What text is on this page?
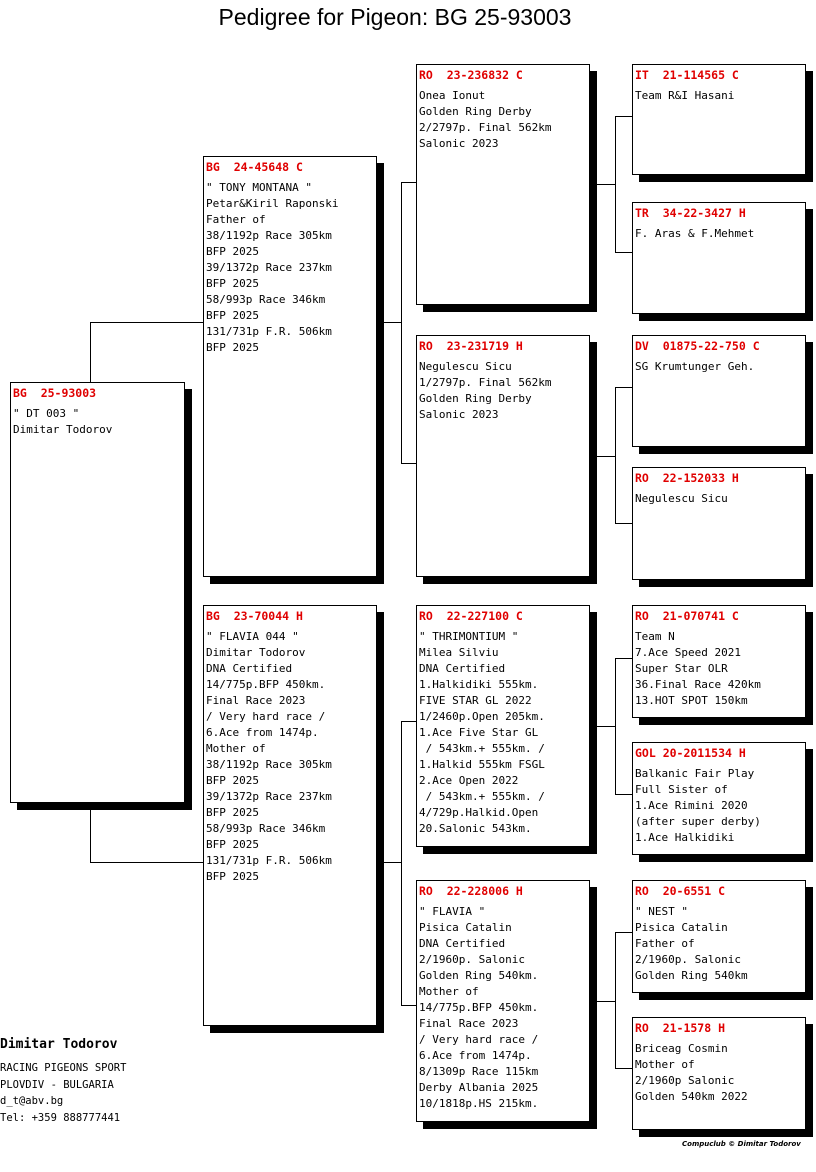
Pedigree for Pigeon: BG 25-93003
BG  25-93003
" DT 003 "
Dimitar Todorov
BG  24-45648 C
" TONY MONTANA "
Petar&Kiril Raponski
Father of
38/1192p Race 305km
BFP 2025
39/1372p Race 237km
BFP 2025
58/993p Race 346km
BFP 2025
131/731p F.R. 506km
BFP 2025
BG  23-70044 H
" FLAVIA 044 "
Dimitar Todorov
DNA Certified
14/775p.BFP 450km.
Final Race 2023
/ Very hard race /
6.Ace from 1474p.
Mother of
38/1192p Race 305km
BFP 2025
39/1372p Race 237km
BFP 2025
58/993p Race 346km
BFP 2025
131/731p F.R. 506km
BFP 2025
RO  23-236832 C
Onea Ionut
Golden Ring Derby
2/2797p. Final 562km
Salonic 2023
RO  23-231719 H
Negulescu Sicu
1/2797p. Final 562km
Golden Ring Derby
Salonic 2023
RO  22-227100 C
" THRIMONTIUM "
Milea Silviu
DNA Certified
1.Halkidiki 555km.
FIVE STAR GL 2022
1/2460p.Open 205km.
1.Ace Five Star GL
/ 543km.+ 555km. /
1.Halkid 555km FSGL
2.Ace Open 2022
/ 543km.+ 555km. /
4/729p.Halkid.Open
20.Salonic 543km.
RO  22-228006 H
" FLAVIA "
Pisica Catalin
DNA Certified
2/1960p. Salonic
Golden Ring 540km.
Mother of
14/775p.BFP 450km.
Final Race 2023
/ Very hard race /
6.Ace from 1474p.
8/1309p Race 115km
Derby Albania 2025
10/1818p.HS 215km.
IT  21-114565 C
Team R&I Hasani
TR  34-22-3427 H
F. Aras & F.Mehmet
DV  01875-22-750 C
SG Krumtunger Geh.
RO  22-152033 H
Negulescu Sicu
RO  21-070741 C
Team N
7.Ace Speed 2021
Super Star OLR
36.Final Race 420km
13.HOT SPOT 150km
GOL 20-2011534 H
Balkanic Fair Play
Full Sister of
1.Ace Rimini 2020
(after super derby)
1.Ace Halkidiki
RO  20-6551 C
" NEST "
Pisica Catalin
Father of
2/1960p. Salonic
Golden Ring 540km
RO  21-1578 H
Briceag Cosmin
Mother of
2/1960p Salonic
Golden 540km 2022
Dimitar Todorov
RACING PIGEONS SPORT
PLOVDIV - BULGARIA
d_t@abv.bg
Tel: +359 888777441
Compuclub © Dimitar Todorov
